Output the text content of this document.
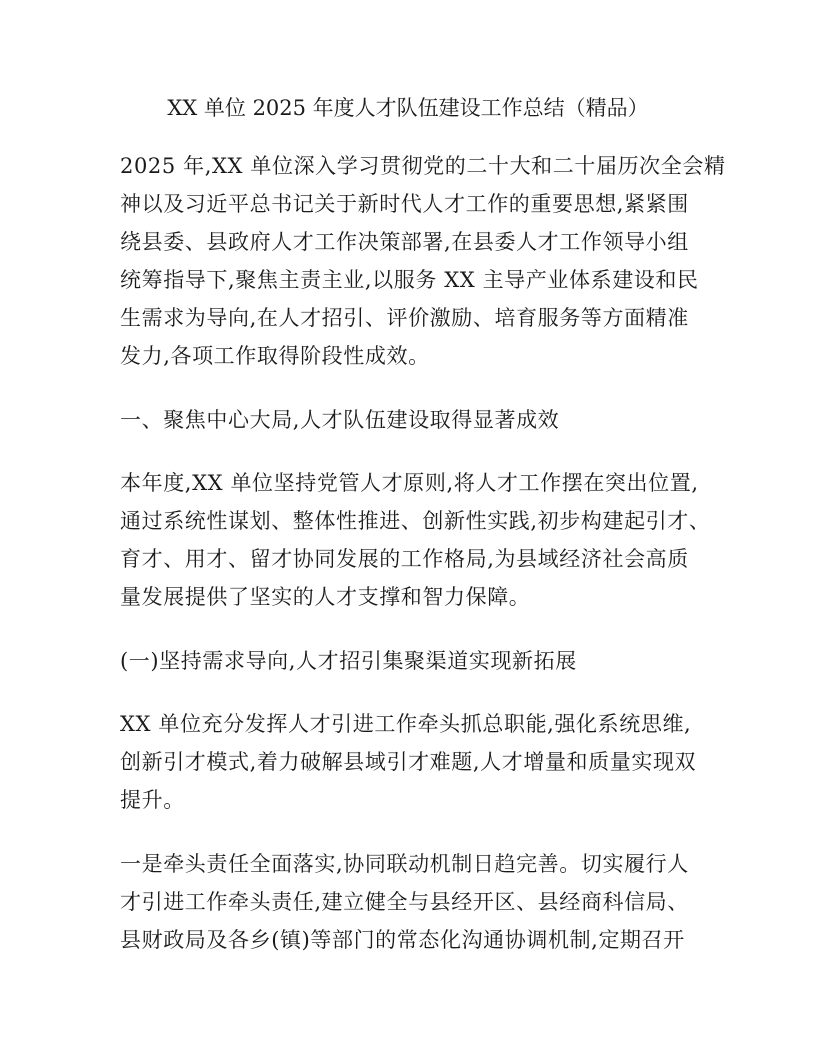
XX 单位 2025 年度人才队伍建设工作总结（精品）
2025 年,XX 单位深入学习贯彻党的二十大和二十届历次全会精
神以及习近平总书记关于新时代人才工作的重要思想,紧紧围
绕县委、县政府人才工作决策部署,在县委人才工作领导小组
统筹指导下,聚焦主责主业,以服务 XX 主导产业体系建设和民
生需求为导向,在人才招引、评价激励、培育服务等方面精准
发力,各项工作取得阶段性成效。
一、聚焦中心大局,人才队伍建设取得显著成效
本年度,XX 单位坚持党管人才原则,将人才工作摆在突出位置,
通过系统性谋划、整体性推进、创新性实践,初步构建起引才、
育才、用才、留才协同发展的工作格局,为县域经济社会高质
量发展提供了坚实的人才支撑和智力保障。
(一)坚持需求导向,人才招引集聚渠道实现新拓展
XX 单位充分发挥人才引进工作牵头抓总职能,强化系统思维,
创新引才模式,着力破解县域引才难题,人才增量和质量实现双
提升。
一是牵头责任全面落实,协同联动机制日趋完善。切实履行人
才引进工作牵头责任,建立健全与县经开区、县经商科信局、
县财政局及各乡(镇)等部门的常态化沟通协调机制,定期召开
